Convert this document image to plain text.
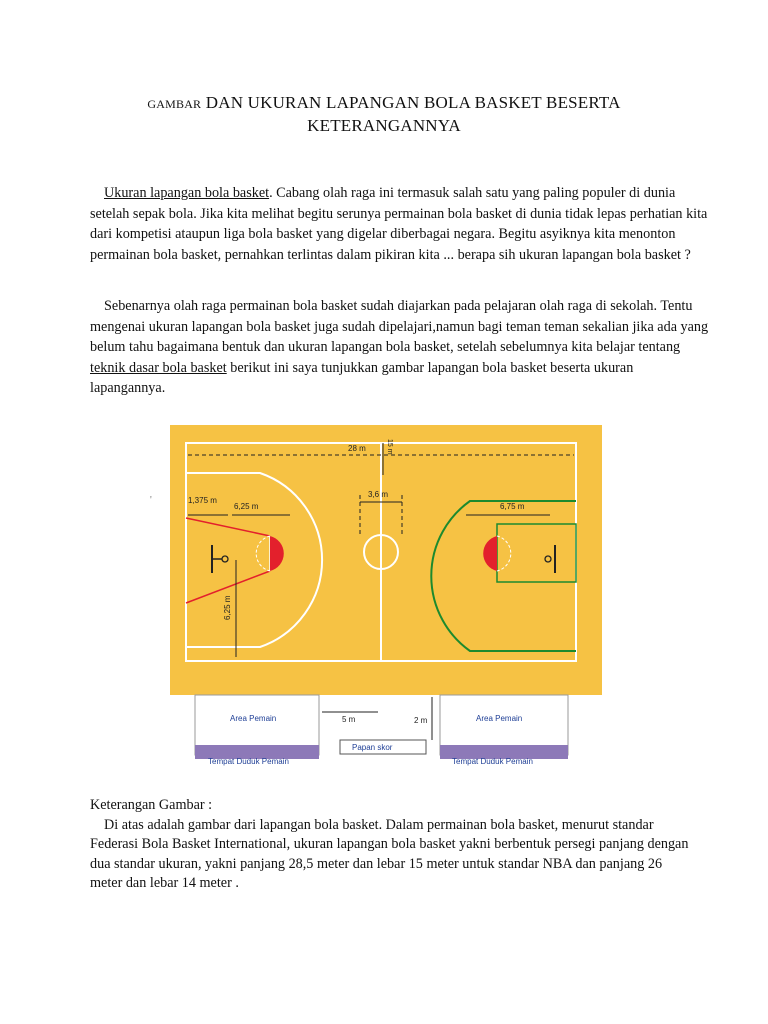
GAMBAR DAN UKURAN LAPANGAN BOLA BASKET BESERTA
KETERANGANNYA
Ukuran lapangan bola basket. Cabang olah raga ini termasuk salah satu yang paling populer di dunia setelah sepak bola. Jika kita melihat begitu serunya permainan bola basket di dunia tidak lepas perhatian kita dari kompetisi ataupun liga bola basket yang digelar diberbagai negara. Begitu asyiknya kita menonton permainan bola basket, pernahkan terlintas dalam pikiran kita ... berapa sih ukuran lapangan bola basket ?
Sebenarnya olah raga permainan bola basket sudah diajarkan pada pelajaran olah raga di sekolah. Tentu mengenai ukuran lapangan bola basket juga sudah dipelajari,namun bagi teman teman sekalian jika ada yang belum tahu bagaimana bentuk dan ukuran lapangan bola basket, setelah sebelumnya kita belajar tentang teknik dasar bola basket berikut ini saya tunjukkan gambar lapangan bola basket beserta ukuran lapangannya.
'
28 m	15 m
3,6 m
1,375 m
6,25 m	6,75 m
6,25 m
Area Pemain	Area Pemain
Tempat Duduk Pemain	Tempat Duduk Pemain
Papan skor
5 m	2 m
Keterangan Gambar :
Di atas adalah gambar dari lapangan bola basket. Dalam permainan bola basket, menurut standar Federasi Bola Basket International, ukuran lapangan bola basket yakni berbentuk persegi panjang dengan dua standar ukuran, yakni panjang 28,5 meter dan lebar 15 meter untuk standar NBA dan panjang 26 meter dan lebar 14 meter .
